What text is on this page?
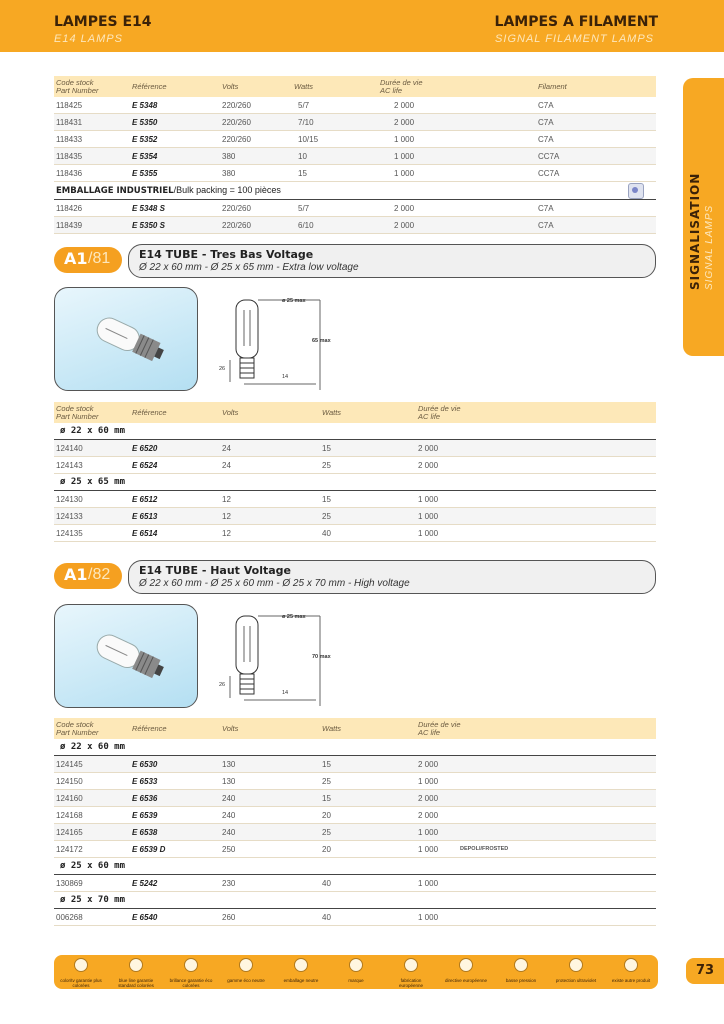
LAMPES E14
E14 LAMPS
LAMPES A FILAMENT
SIGNAL FILAMENT LAMPS
SIGNALISATION SIGNAL LAMPS
Code stock
Part Number	Référence	Volts	Watts	Durée de vie
AC life	Filament
118425	E 5348	220/260	5/7	2 000	C7A
118431	E 5350	220/260	7/10	2 000	C7A
118433	E 5352	220/260	10/15	1 000	C7A
118435	E 5354	380	10	1 000	CC7A
118436	E 5355	380	15	1 000	CC7A
EMBALLAGE INDUSTRIEL/Bulk packing = 100 pièces
118426	E 5348 S	220/260	5/7	2 000	C7A
118439	E 5350 S	220/260	6/10	2 000	C7A
A1 /81	E14 TUBE - Tres Bas Voltage
Ø 22 x 60 mm - Ø 25 x 65 mm - Extra low voltage
ø 25 max
65 max
26
14
Code stock
Part Number	Référence	Volts	Watts	Durée de vie
AC life
ø 22 x 60 mm
124140	E 6520	24	15	2 000
124143	E 6524	24	25	2 000
ø 25 x 65 mm
124130	E 6512	12	15	1 000
124133	E 6513	12	25	1 000
124135	E 6514	12	40	1 000
A1 /82	E14 TUBE - Haut Voltage
Ø 22 x 60 mm - Ø 25 x 60 mm - Ø 25 x 70 mm - High voltage
ø 25 max
70 max
26
14
Code stock
Part Number	Référence	Volts	Watts	Durée de vie
AC life
ø 22 x 60 mm
124145	E 6530	130	15	2 000
124150	E 6533	130	25	1 000
124160	E 6536	240	15	2 000
124168	E 6539	240	20	2 000
124165	E 6538	240	25	1 000
124172	E 6539 D	250	20	1 000	DEPOLI/FROSTED
ø 25 x 60 mm
130869	E 5242	230	40	1 000
ø 25 x 70 mm
006268	E 6540	260	40	1 000
color/tv garantie plus colorées
blue line garantie standard colorées
brillance garantie éco colorées
gamme éco neutre	emballage neutre	marque	fabrication européenne
directive européenne	basse pression	protection ultraviolet	existe autre produit
73
